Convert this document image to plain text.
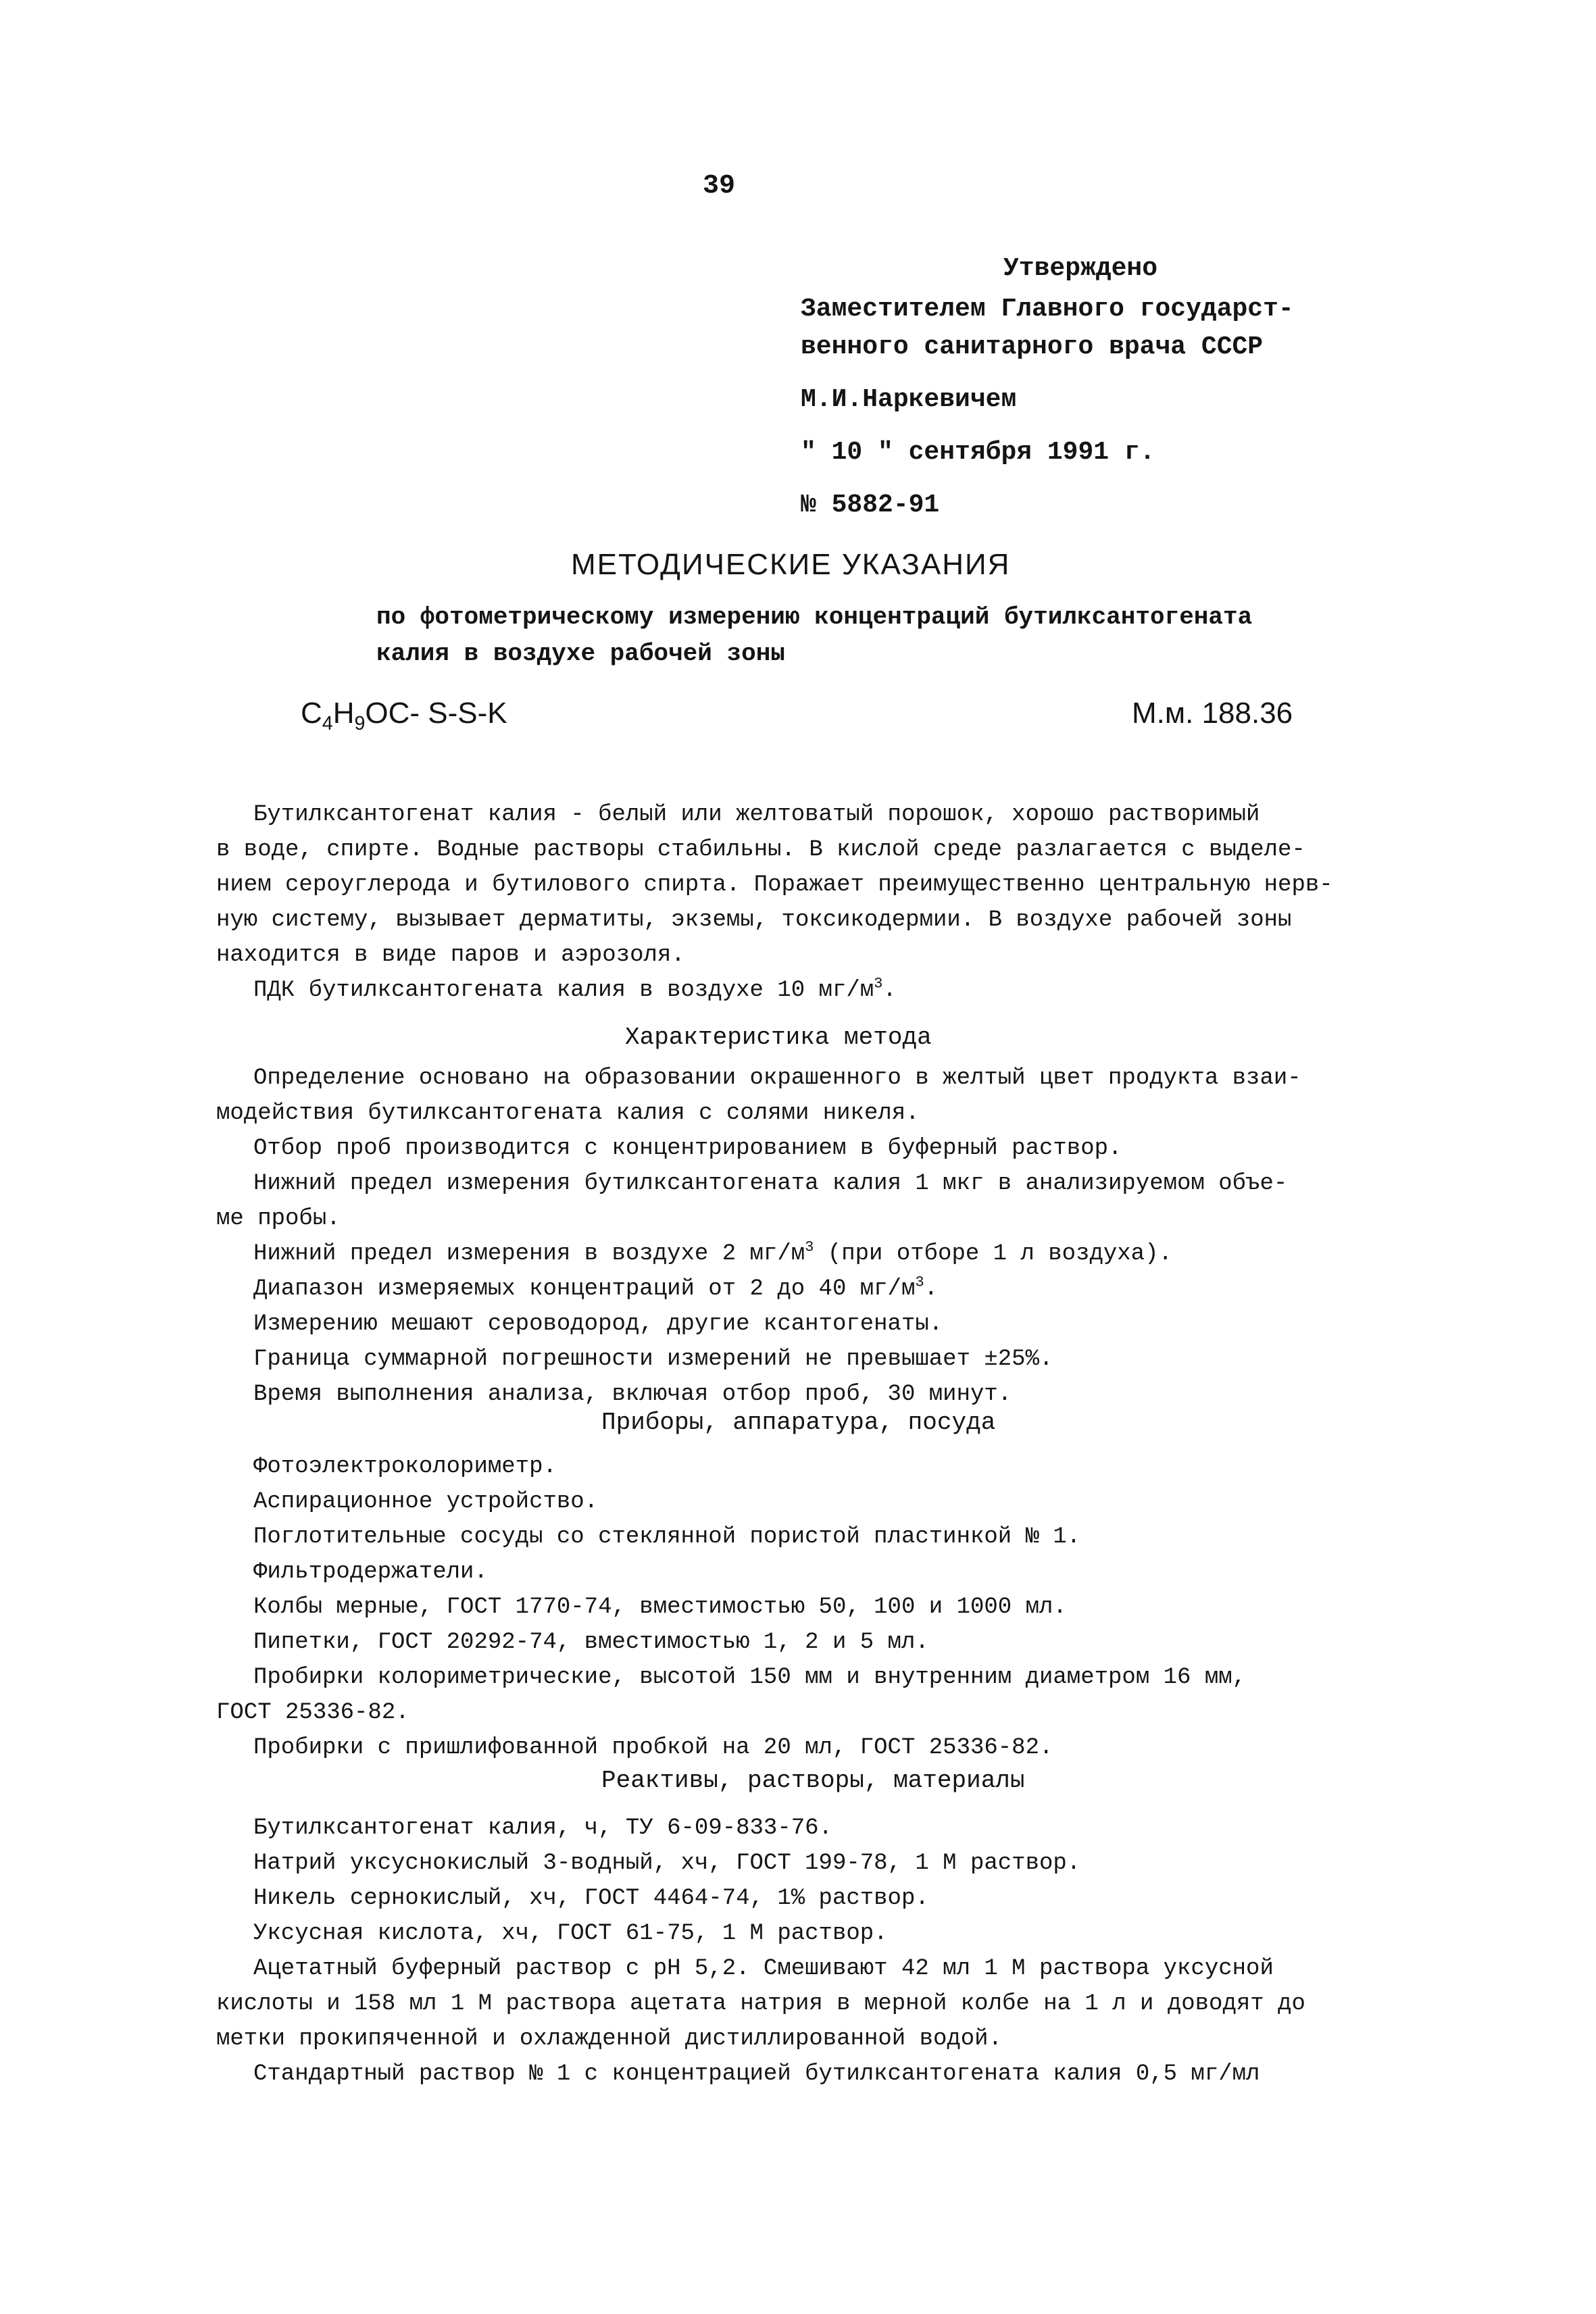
39
Утверждено
Заместителем Главного государст-
венного санитарного врача СССР
М.И.Наркевичем
" 10 " сентября 1991 г.
№ 5882-91
МЕТОДИЧЕСКИЕ УКАЗАНИЯ
по фотометрическому измерению концентраций бутилксантогената
калия в воздухе рабочей зоны
$C_4H_9OC-$ S-S-K	М.м. 188.36
Бутилксантогенат калия - белый или желтоватый порошок, хорошо растворимый
в воде, спирте. Водные растворы стабильны. В кислой среде разлагается с выделе-
нием сероуглерода и бутилового спирта. Поражает преимущественно центральную нерв-
ную систему, вызывает дерматиты, экземы, токсикодермии. В воздухе рабочей зоны
находится в виде паров и аэрозоля.
ПДК бутилксантогената калия в воздухе 10 $мг/м^3$.
Характеристика метода
Определение основано на образовании окрашенного в желтый цвет продукта взаи-
модействия бутилксантогената калия с солями никеля.
Отбор проб производится с концентрированием в буферный раствор.
Нижний предел измерения бутилксантогената калия 1 мкг в анализируемом объе-
ме пробы.
Нижний предел измерения в воздухе 2 $мг/м^3$ (при отборе 1 л воздуха).
Диапазон измеряемых концентраций от 2 до 40 $мг/м^3$.
Измерению мешают сероводород, другие ксантогенаты.
Граница суммарной погрешности измерений не превышает ±25%.
Время выполнения анализа, включая отбор проб, 30 минут.
Приборы, аппаратура, посуда
Фотоэлектроколориметр.
Аспирационное устройство.
Поглотительные сосуды со стеклянной пористой пластинкой № 1.
Фильтродержатели.
Колбы мерные, ГОСТ 1770-74, вместимостью 50, 100 и 1000 мл.
Пипетки, ГОСТ 20292-74, вместимостью 1, 2 и 5 мл.
Пробирки колориметрические, высотой 150 мм и внутренним диаметром 16 мм,
ГОСТ 25336-82.
Пробирки с пришлифованной пробкой на 20 мл, ГОСТ 25336-82.
Реактивы, растворы, материалы
Бутилксантогенат калия, ч, ТУ 6-09-833-76.
Натрий уксуснокислый 3-водный, хч, ГОСТ 199-78, 1 М раствор.
Никель сернокислый, хч, ГОСТ 4464-74, 1% раствор.
Уксусная кислота, хч, ГОСТ 61-75, 1 М раствор.
Ацетатный буферный раствор с рН 5,2. Смешивают 42 мл 1 М раствора уксусной
кислоты и 158 мл 1 М раствора ацетата натрия в мерной колбе на 1 л и доводят до
метки прокипяченной и охлажденной дистиллированной водой.
Стандартный раствор № 1 с концентрацией бутилксантогената калия 0,5 мг/мл
